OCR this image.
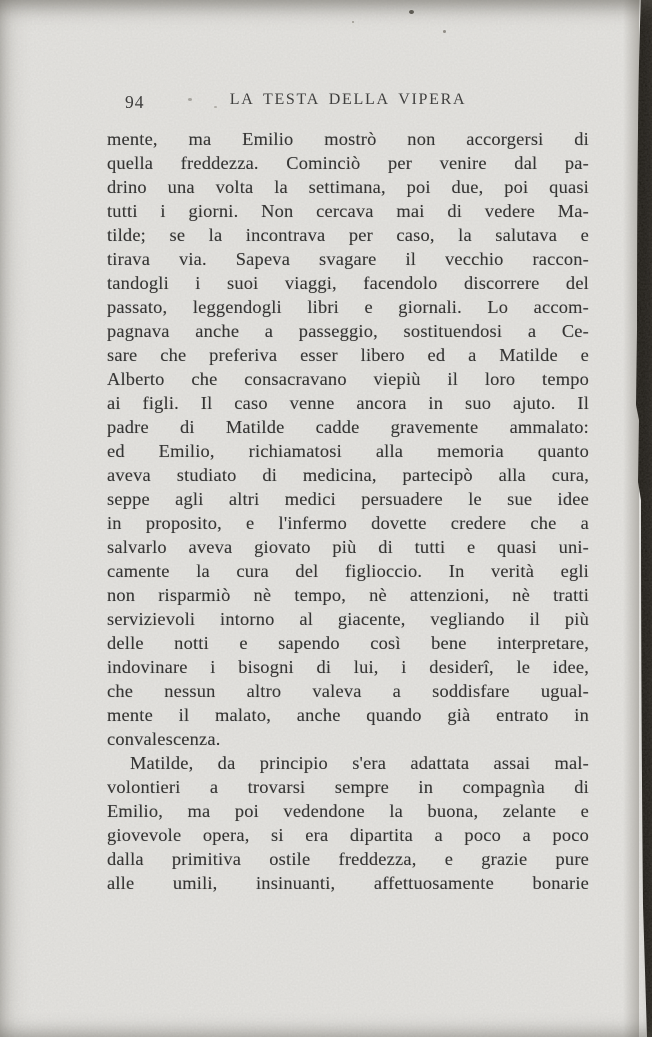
94	LA TESTA DELLA VIPERA
mente, ma Emilio mostrò non accorgersi di
quella freddezza. Cominciò per venire dal pa-
drino una volta la settimana, poi due, poi quasi
tutti i giorni. Non cercava mai di vedere Ma-
tilde; se la incontrava per caso, la salutava e
tirava via. Sapeva svagare il vecchio raccon-
tandogli i suoi viaggi, facendolo discorrere del
passato, leggendogli libri e giornali. Lo accom-
pagnava anche a passeggio, sostituendosi a Ce-
sare che preferiva esser libero ed a Matilde e
Alberto che consacravano viepiù il loro tempo
ai figli. Il caso venne ancora in suo ajuto. Il
padre di Matilde cadde gravemente ammalato:
ed Emilio, richiamatosi alla memoria quanto
aveva studiato di medicina, partecipò alla cura,
seppe agli altri medici persuadere le sue idee
in proposito, e l'infermo dovette credere che a
salvarlo aveva giovato più di tutti e quasi uni-
camente la cura del figlioccio. In verità egli
non risparmiò nè tempo, nè attenzioni, nè tratti
servizievoli intorno al giacente, vegliando il più
delle notti e sapendo così bene interpretare,
indovinare i bisogni di lui, i desiderî, le idee,
che nessun altro valeva a soddisfare ugual-
mente il malato, anche quando già entrato in
convalescenza.
Matilde, da principio s'era adattata assai mal-
volontieri a trovarsi sempre in compagnìa di
Emilio, ma poi vedendone la buona, zelante e
giovevole opera, si era dipartita a poco a poco
dalla primitiva ostile freddezza, e grazie pure
alle umili, insinuanti, affettuosamente bonarie
